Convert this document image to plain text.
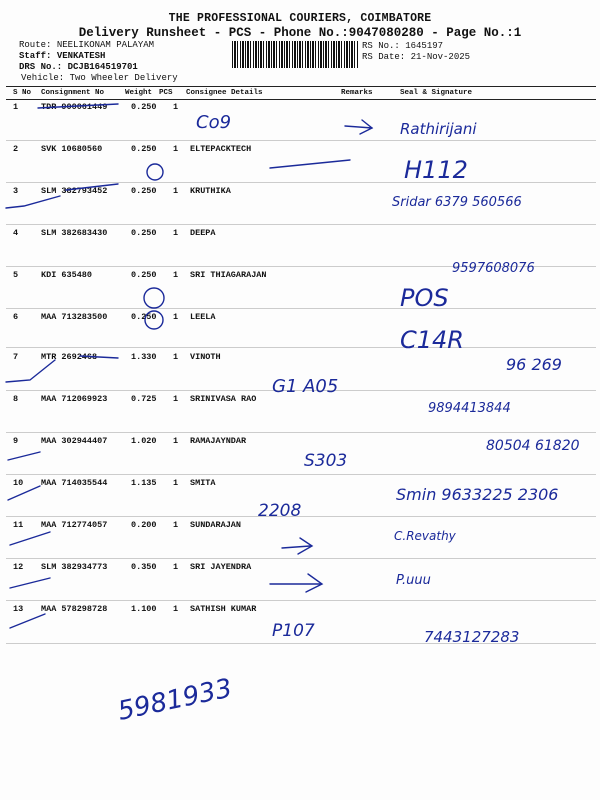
THE PROFESSIONAL COURIERS, COIMBATORE
Delivery Runsheet - PCS - Phone No.:9047080280 - Page No.:1
Route: NEELIKONAM PALAYAM
Staff: VENKATESH
DRS No.: DCJB164519701
Vehicle: Two Wheeler Delivery
RS No.: 1645197
RS Date: 21-Nov-2025
S No Consignment No	Weight PCS Consignee Details	Remarks	Seal & Signature
1	TDR 900061449	0.250 1
2	SVK 10680560	0.250 1 ELTEPACKTECH
3	SLM 382793452	0.250 1 KRUTHIKA
4	SLM 382683430	0.250 1 DEEPA
5	KDI 635480	0.250 1 SRI THIAGARAJAN
6	MAA 713283500	0.250 1 LEELA
7	MTR 2692468	1.330 1 VINOTH
8	MAA 712069923	0.725 1 SRINIVASA RAO
9	MAA 302944407	1.020 1 RAMAJAYNDAR
10 MAA 714035544	1.135 1 SMITA
11 MAA 712774057	0.200 1 SUNDARAJAN
12 SLM 382934773	0.350 1 SRI JAYENDRA
13 MAA 578298728	1.100 1 SATHISH KUMAR
Co9	Rathirijani
H112
Sridar 6379 560566
9597608076
POS
C14R
G1 A05
96 269
9894413844
S303
80504 61820
2208
Smin 9633225 2306
C.Revathy
P.uuu
P107	7443127283
5981933
